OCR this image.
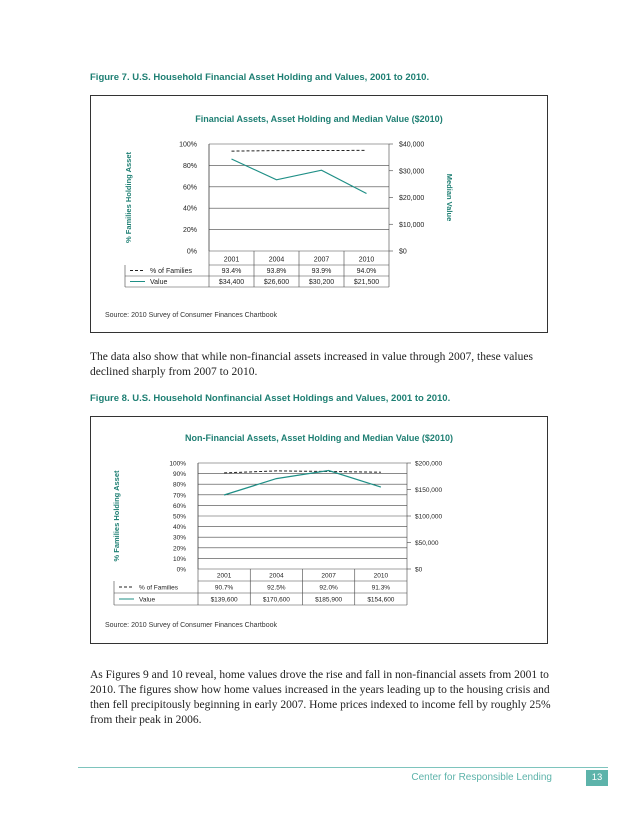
Figure 7. U.S. Household Financial Asset Holding and Values, 2001 to 2010.
Financial Assets, Asset Holding and Median Value ($2010)
0%
20%
40%
60%
80%
100%
$0
$10,000
$20,000
$30,000
$40,000
% Families Holding Asset	Median Value
2001	2004	2007	2010
% of Families	93.4%	93.8%	93.9%	94.0%
Value	$34,400	$26,600	$30,200	$21,500
Source: 2010 Survey of Consumer Finances Chartbook
The data also show that while non-financial assets increased in value through 2007, these values declined sharply from 2007 to 2010.
Figure 8. U.S. Household Nonfinancial Asset Holdings and Values, 2001 to 2010.
Non-Financial Assets, Asset Holding and Median Value ($2010)
0%
10%
20%
30%
40%
50%
60%
70%
80%
90%
100%
$0
$50,000
$100,000
$150,000
$200,000
% Families Holding Asset
2001	2004	2007	2010
% of Families	90.7%	92.5%	92.0%	91.3%
Value	$139,600	$170,600	$185,900	$154,600
Source: 2010 Survey of Consumer Finances Chartbook
As Figures 9 and 10 reveal, home values drove the rise and fall in non-financial assets from 2001 to 2010. The figures show how home values increased in the years leading up to the housing crisis and then fell precipitously beginning in early 2007. Home prices indexed to income fell by roughly 25% from their peak in 2006.
Center for Responsible Lending	13
